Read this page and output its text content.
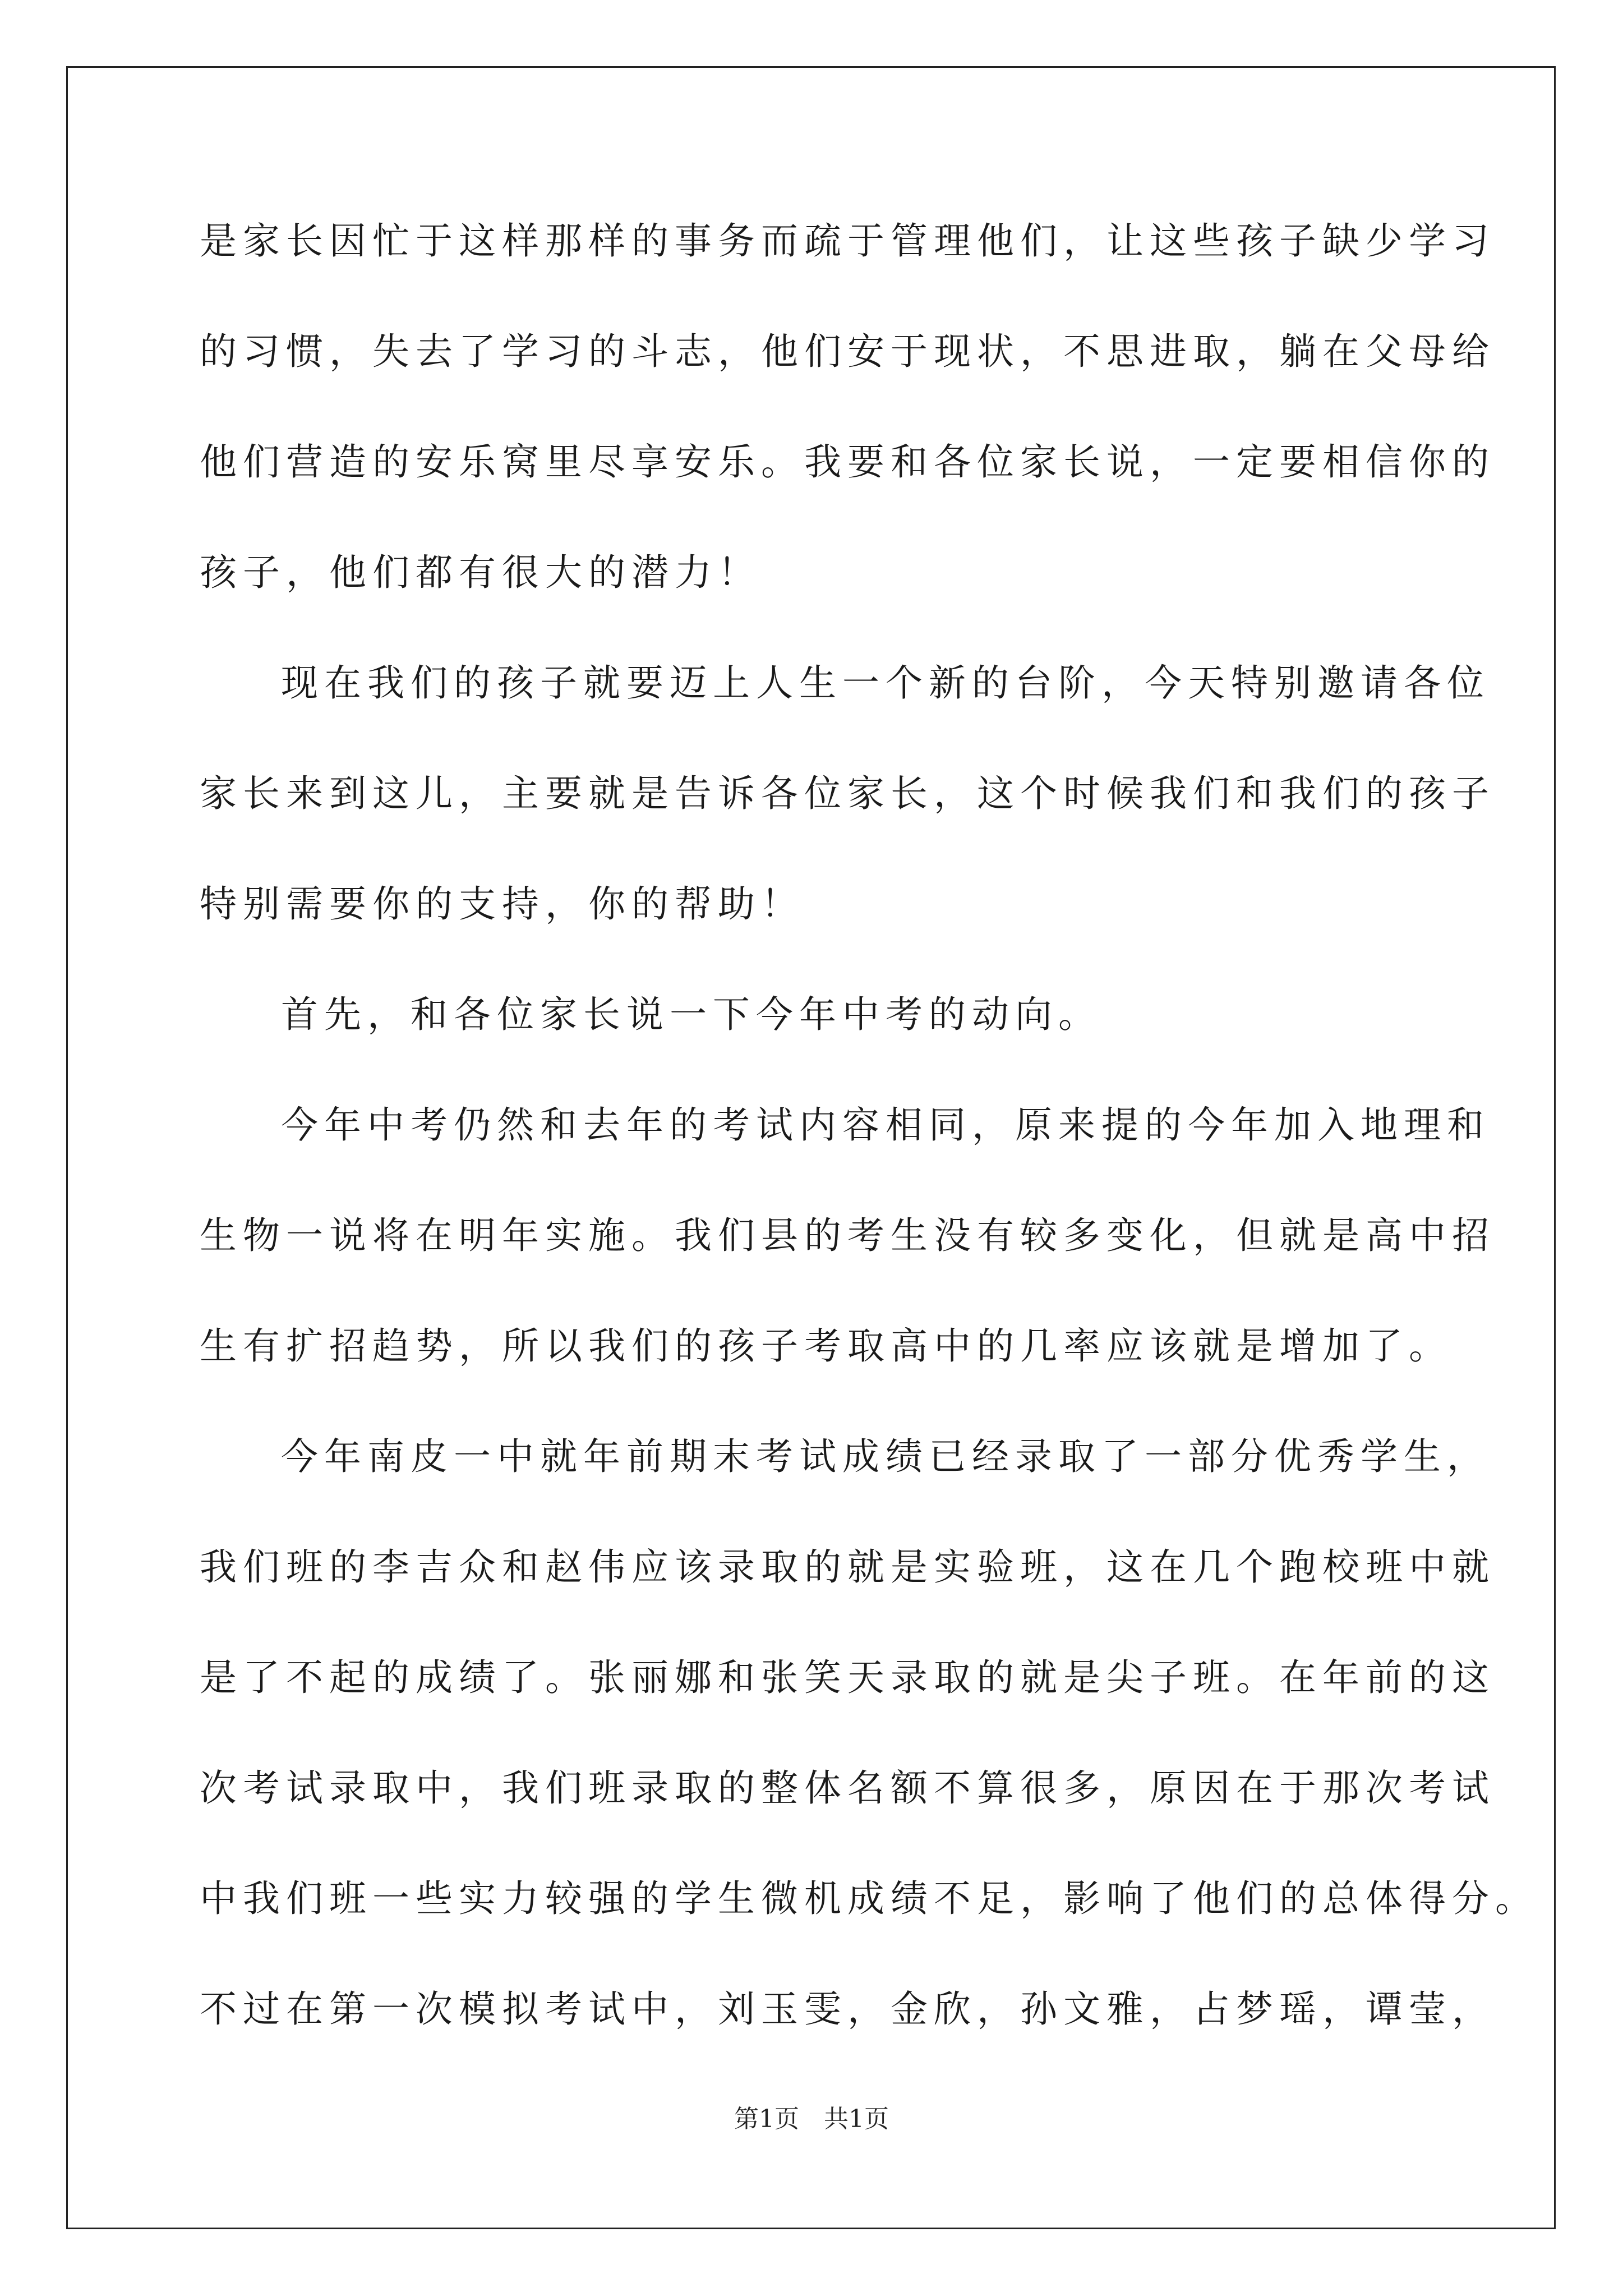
是家长因忙于这样那样的事务而疏于管理他们，让这些孩子缺少学习
的习惯，失去了学习的斗志，他们安于现状，不思进取，躺在父母给
他们营造的安乐窝里尽享安乐。我要和各位家长说，一定要相信你的
孩子，他们都有很大的潜力！
现在我们的孩子就要迈上人生一个新的台阶，今天特别邀请各位
家长来到这儿，主要就是告诉各位家长，这个时候我们和我们的孩子
特别需要你的支持，你的帮助！
首先，和各位家长说一下今年中考的动向。
今年中考仍然和去年的考试内容相同，原来提的今年加入地理和
生物一说将在明年实施。我们县的考生没有较多变化，但就是高中招
生有扩招趋势，所以我们的孩子考取高中的几率应该就是增加了。
今年南皮一中就年前期末考试成绩已经录取了一部分优秀学生，
我们班的李吉众和赵伟应该录取的就是实验班，这在几个跑校班中就
是了不起的成绩了。张丽娜和张笑天录取的就是尖子班。在年前的这
次考试录取中，我们班录取的整体名额不算很多，原因在于那次考试
中我们班一些实力较强的学生微机成绩不足，影响了他们的总体得分。
不过在第一次模拟考试中，刘玉雯，金欣，孙文雅，占梦瑶，谭莹，
第1页　共1页
